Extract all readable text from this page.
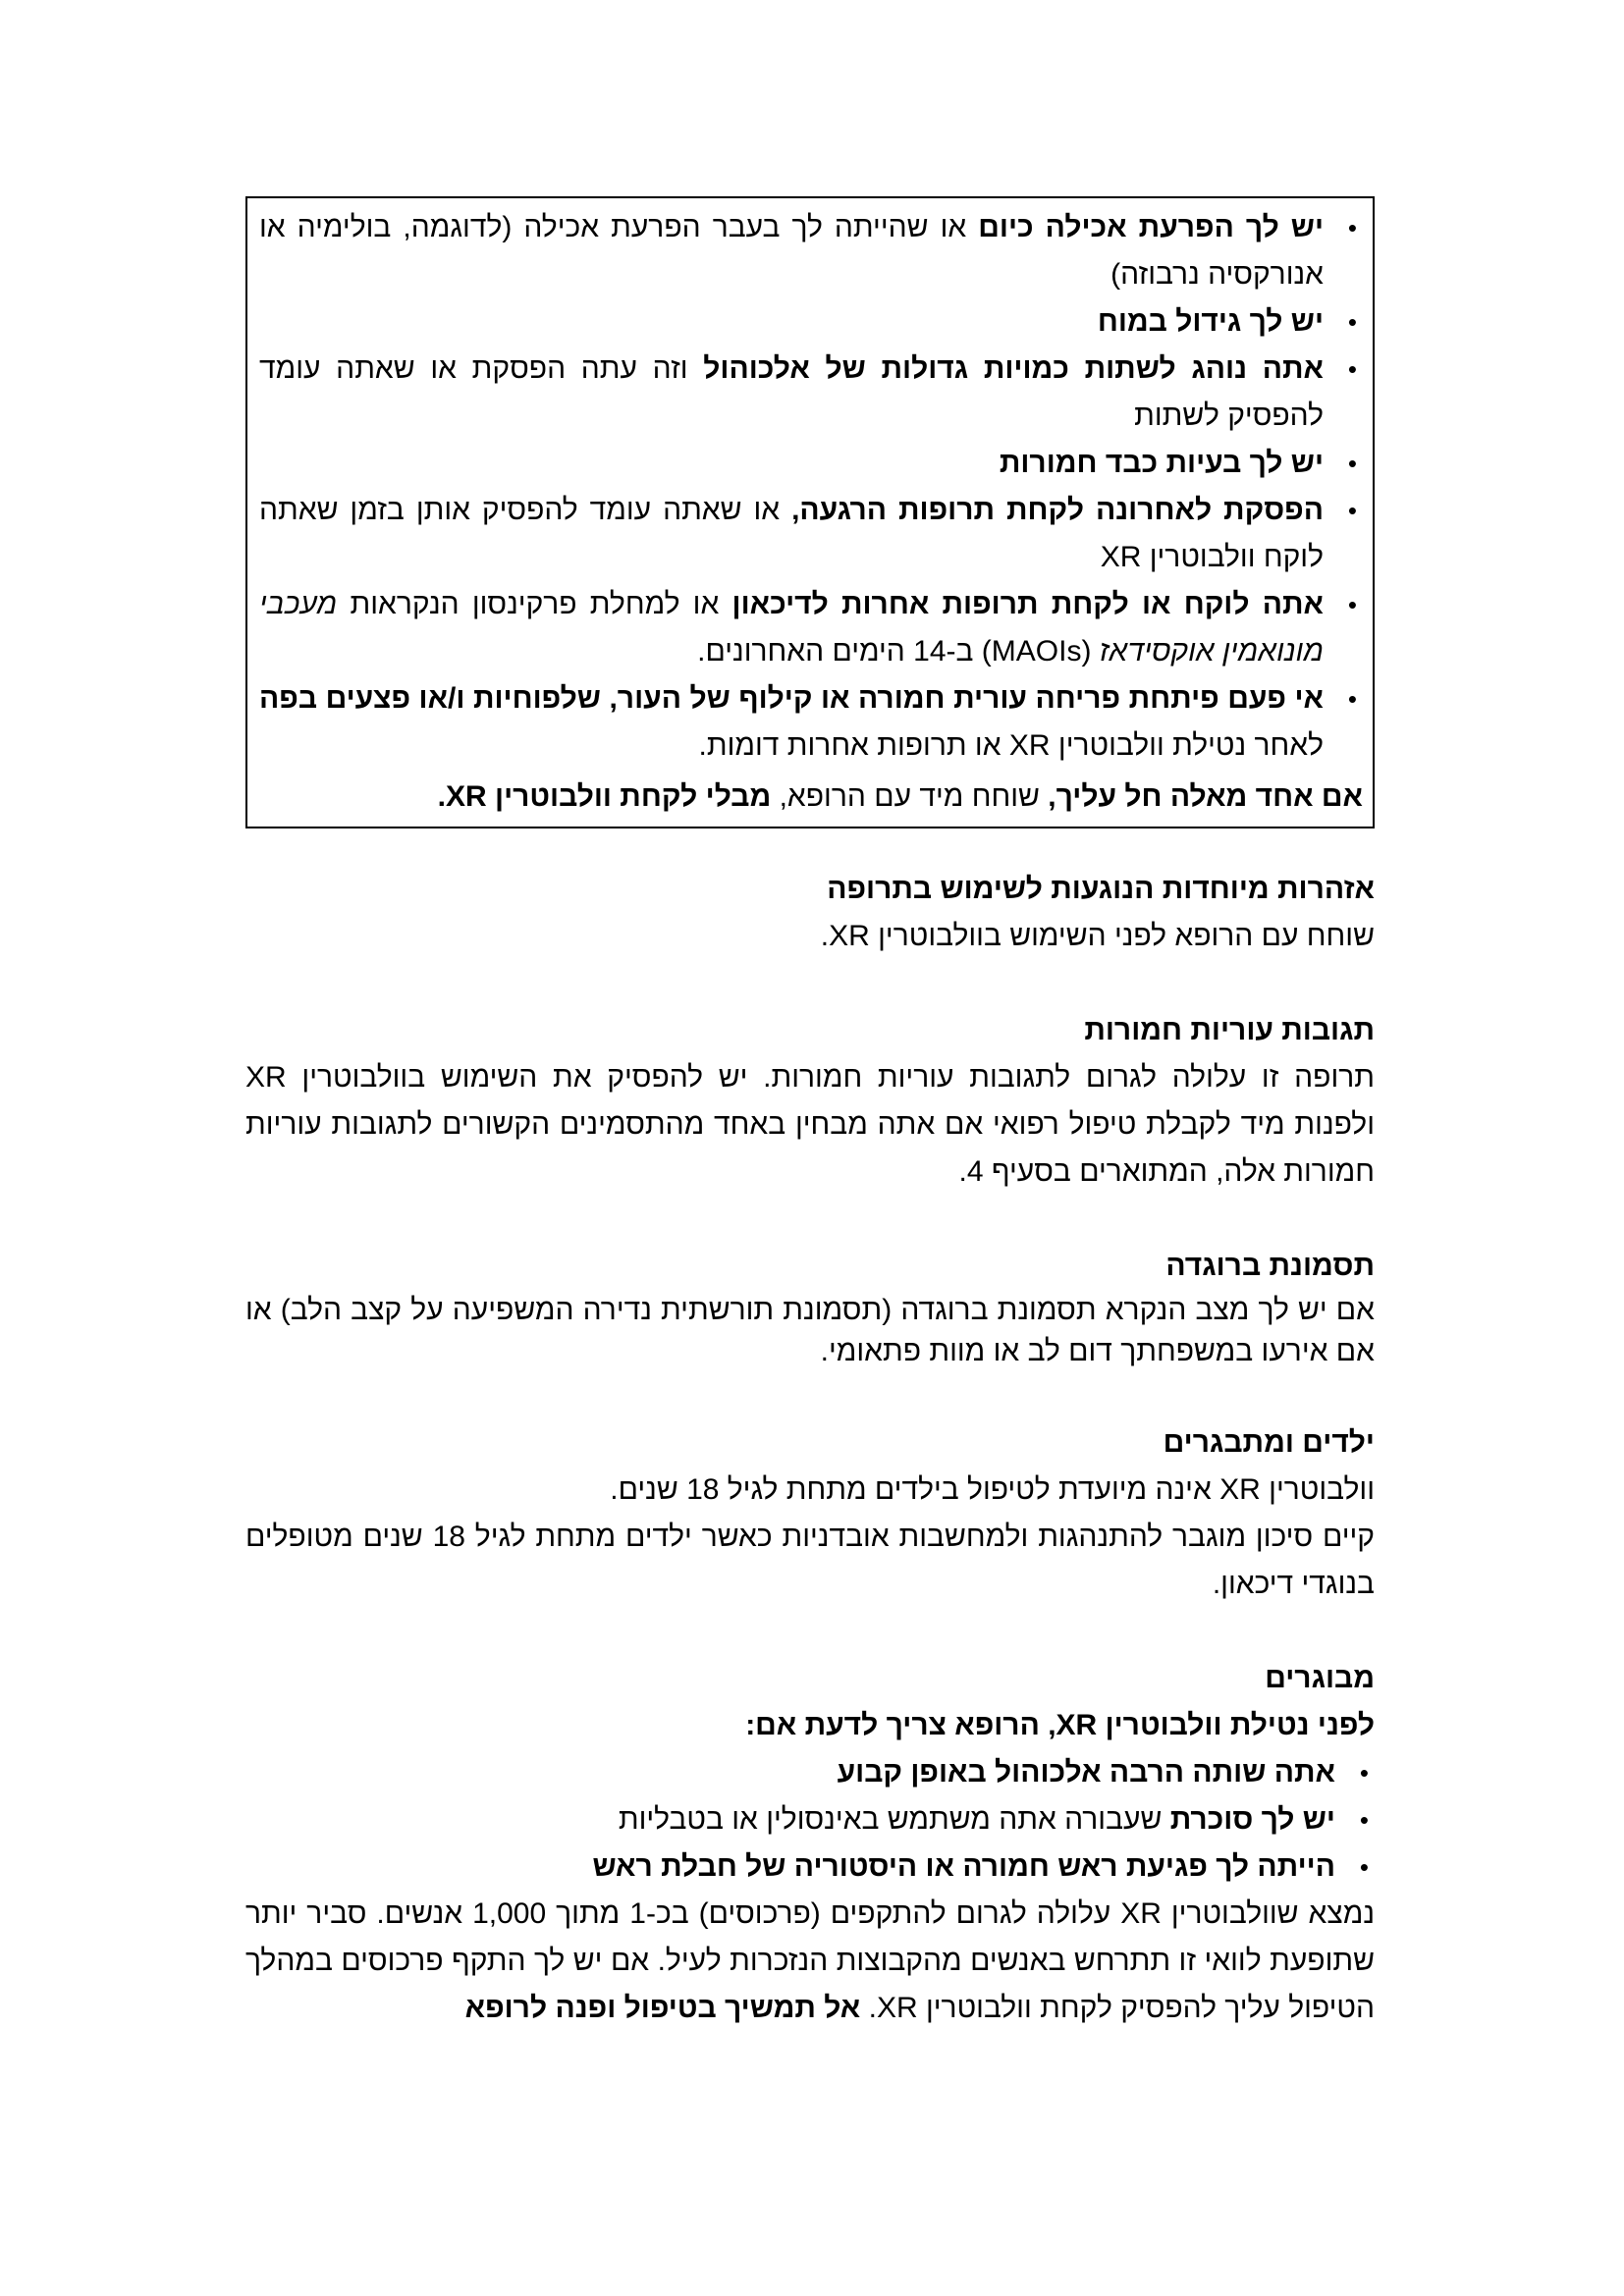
• יש לך הפרעת אכילה כיום או שהייתה לך בעבר הפרעת אכילה (לדוגמה, בולימיה או אנורקסיה נרבוזה)
• יש לך גידול במוח
• אתה נוהג לשתות כמויות גדולות של אלכוהול וזה עתה הפסקת או שאתה עומד להפסיק לשתות
• יש לך בעיות כבד חמורות
• הפסקת לאחרונה לקחת תרופות הרגעה, או שאתה עומד להפסיק אותן בזמן שאתה לוקח וולבוטרין XR
• אתה לוקח או לקחת תרופות אחרות לדיכאון או למחלת פרקינסון הנקראות מעכבי מונואמין אוקסידאז (MAOIs) ב-14 הימים האחרונים.
• אי פעם פיתחת פריחה עורית חמורה או קילוף של העור, שלפוחיות ו/או פצעים בפה לאחר נטילת וולבוטרין XR או תרופות אחרות דומות.
אם אחד מאלה חל עליך, שוחח מיד עם הרופא, מבלי לקחת וולבוטרין XR.
אזהרות מיוחדות הנוגעות לשימוש בתרופה

שוחח עם הרופא לפני השימוש בוולבוטרין XR.

תגובות עוריות חמורות

תרופה זו עלולה לגרום לתגובות עוריות חמורות. יש להפסיק את השימוש בוולבוטרין XR ולפנות מיד לקבלת טיפול רפואי אם אתה מבחין באחד מהתסמינים הקשורים לתגובות עוריות חמורות אלה, המתוארים בסעיף 4.

תסמונת ברוגדה

אם יש לך מצב הנקרא תסמונת ברוגדה (תסמונת תורשתית נדירה המשפיעה על קצב הלב) או אם אירעו במשפחתך דום לב או מוות פתאומי.

ילדים ומתבגרים

וולבוטרין XR אינה מיועדת לטיפול בילדים מתחת לגיל 18 שנים.

קיים סיכון מוגבר להתנהגות ולמחשבות אובדניות כאשר ילדים מתחת לגיל 18 שנים מטופלים בנוגדי דיכאון.

מבוגרים
לפני נטילת וולבוטרין XR, הרופא צריך לדעת אם:
• אתה שותה הרבה אלכוהול באופן קבוע
• יש לך סוכרת שעבורה אתה משתמש באינסולין או בטבליות
• הייתה לך פגיעת ראש חמורה או היסטוריה של חבלת ראש

נמצא שוולבוטרין XR עלולה לגרום להתקפים (פרכוסים) בכ-1 מתוך 1,000 אנשים. סביר יותר שתופעת לוואי זו תתרחש באנשים מהקבוצות הנזכרות לעיל. אם יש לך התקף פרכוסים במהלך הטיפול עליך להפסיק לקחת וולבוטרין XR. אל תמשיך בטיפול ופנה לרופא
